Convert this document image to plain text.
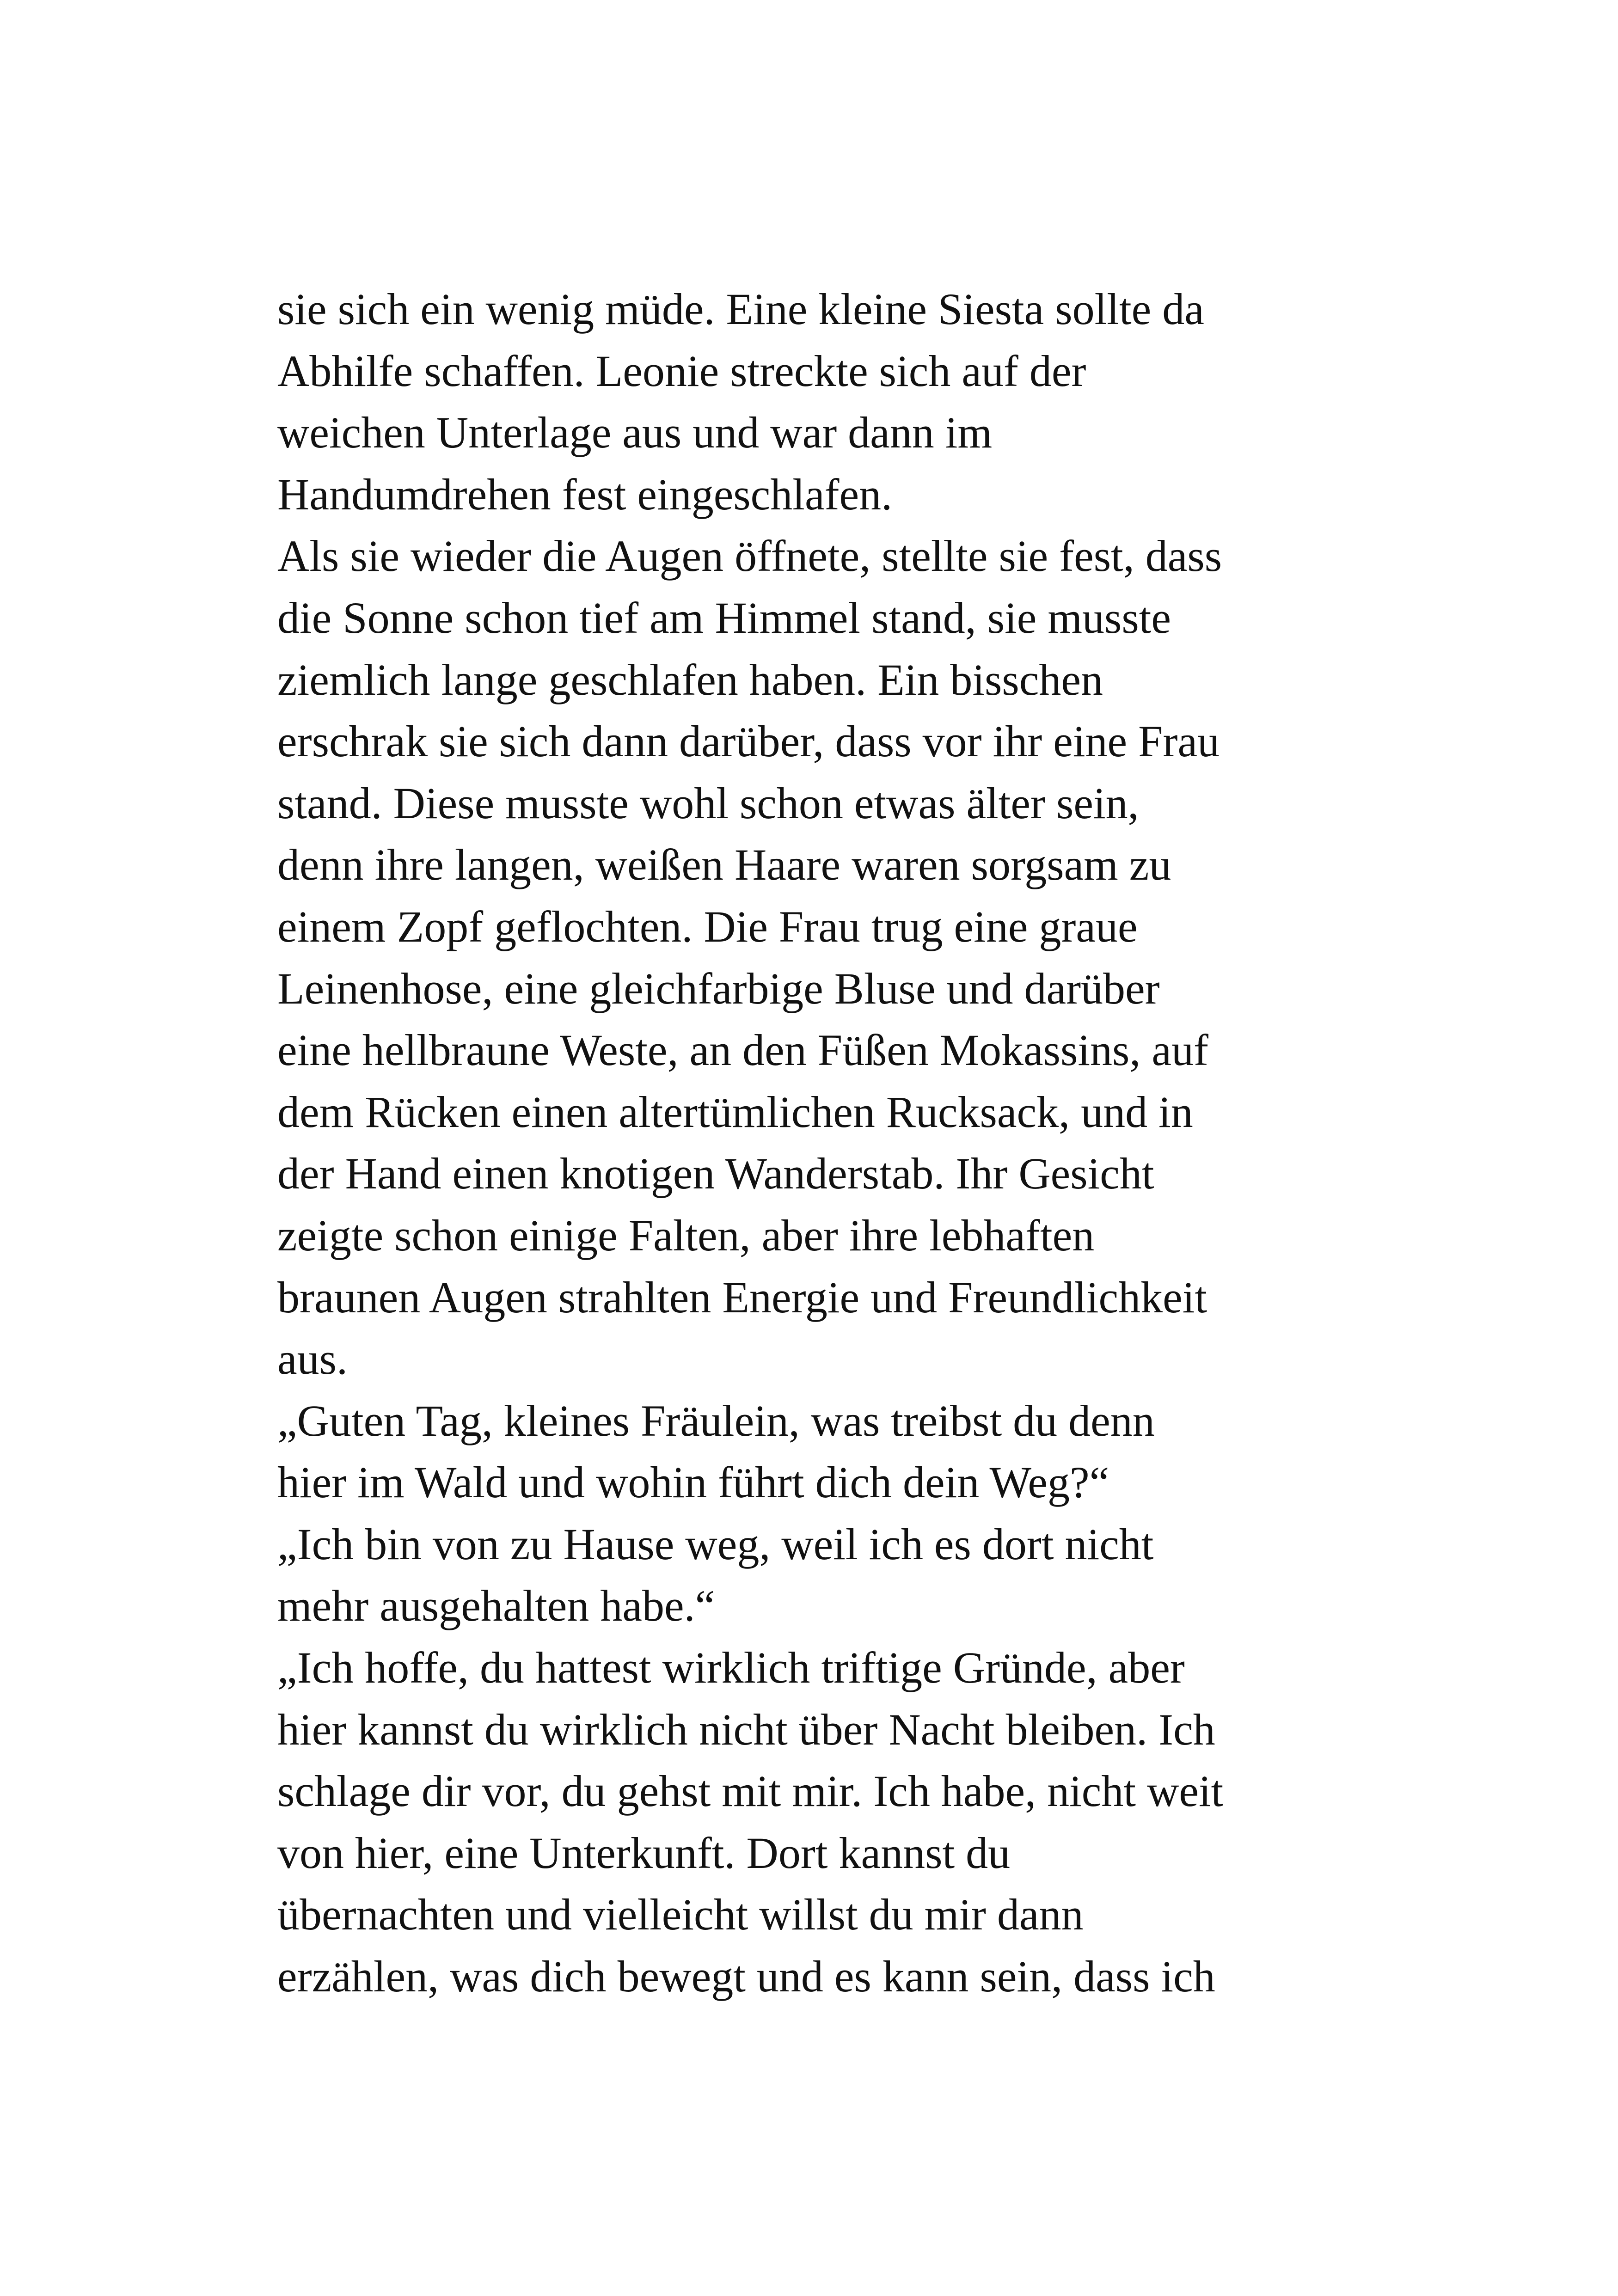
sie sich ein wenig müde. Eine kleine Siesta sollte da
Abhilfe schaffen. Leonie streckte sich auf der
weichen Unterlage aus und war dann im
Handumdrehen fest eingeschlafen.
Als sie wieder die Augen öffnete, stellte sie fest, dass
die Sonne schon tief am Himmel stand, sie musste
ziemlich lange geschlafen haben. Ein bisschen
erschrak sie sich dann darüber, dass vor ihr eine Frau
stand. Diese musste wohl schon etwas älter sein,
denn ihre langen, weißen Haare waren sorgsam zu
einem Zopf geflochten. Die Frau trug eine graue
Leinenhose, eine gleichfarbige Bluse und darüber
eine hellbraune Weste, an den Füßen Mokassins, auf
dem Rücken einen altertümlichen Rucksack, und in
der Hand einen knotigen Wanderstab. Ihr Gesicht
zeigte schon einige Falten, aber ihre lebhaften
braunen Augen strahlten Energie und Freundlichkeit
aus.
„Guten Tag, kleines Fräulein, was treibst du denn
hier im Wald und wohin führt dich dein Weg?“
„Ich bin von zu Hause weg, weil ich es dort nicht
mehr ausgehalten habe.“
„Ich hoffe, du hattest wirklich triftige Gründe, aber
hier kannst du wirklich nicht über Nacht bleiben. Ich
schlage dir vor, du gehst mit mir. Ich habe, nicht weit
von hier, eine Unterkunft. Dort kannst du
übernachten und vielleicht willst du mir dann
erzählen, was dich bewegt und es kann sein, dass ich
